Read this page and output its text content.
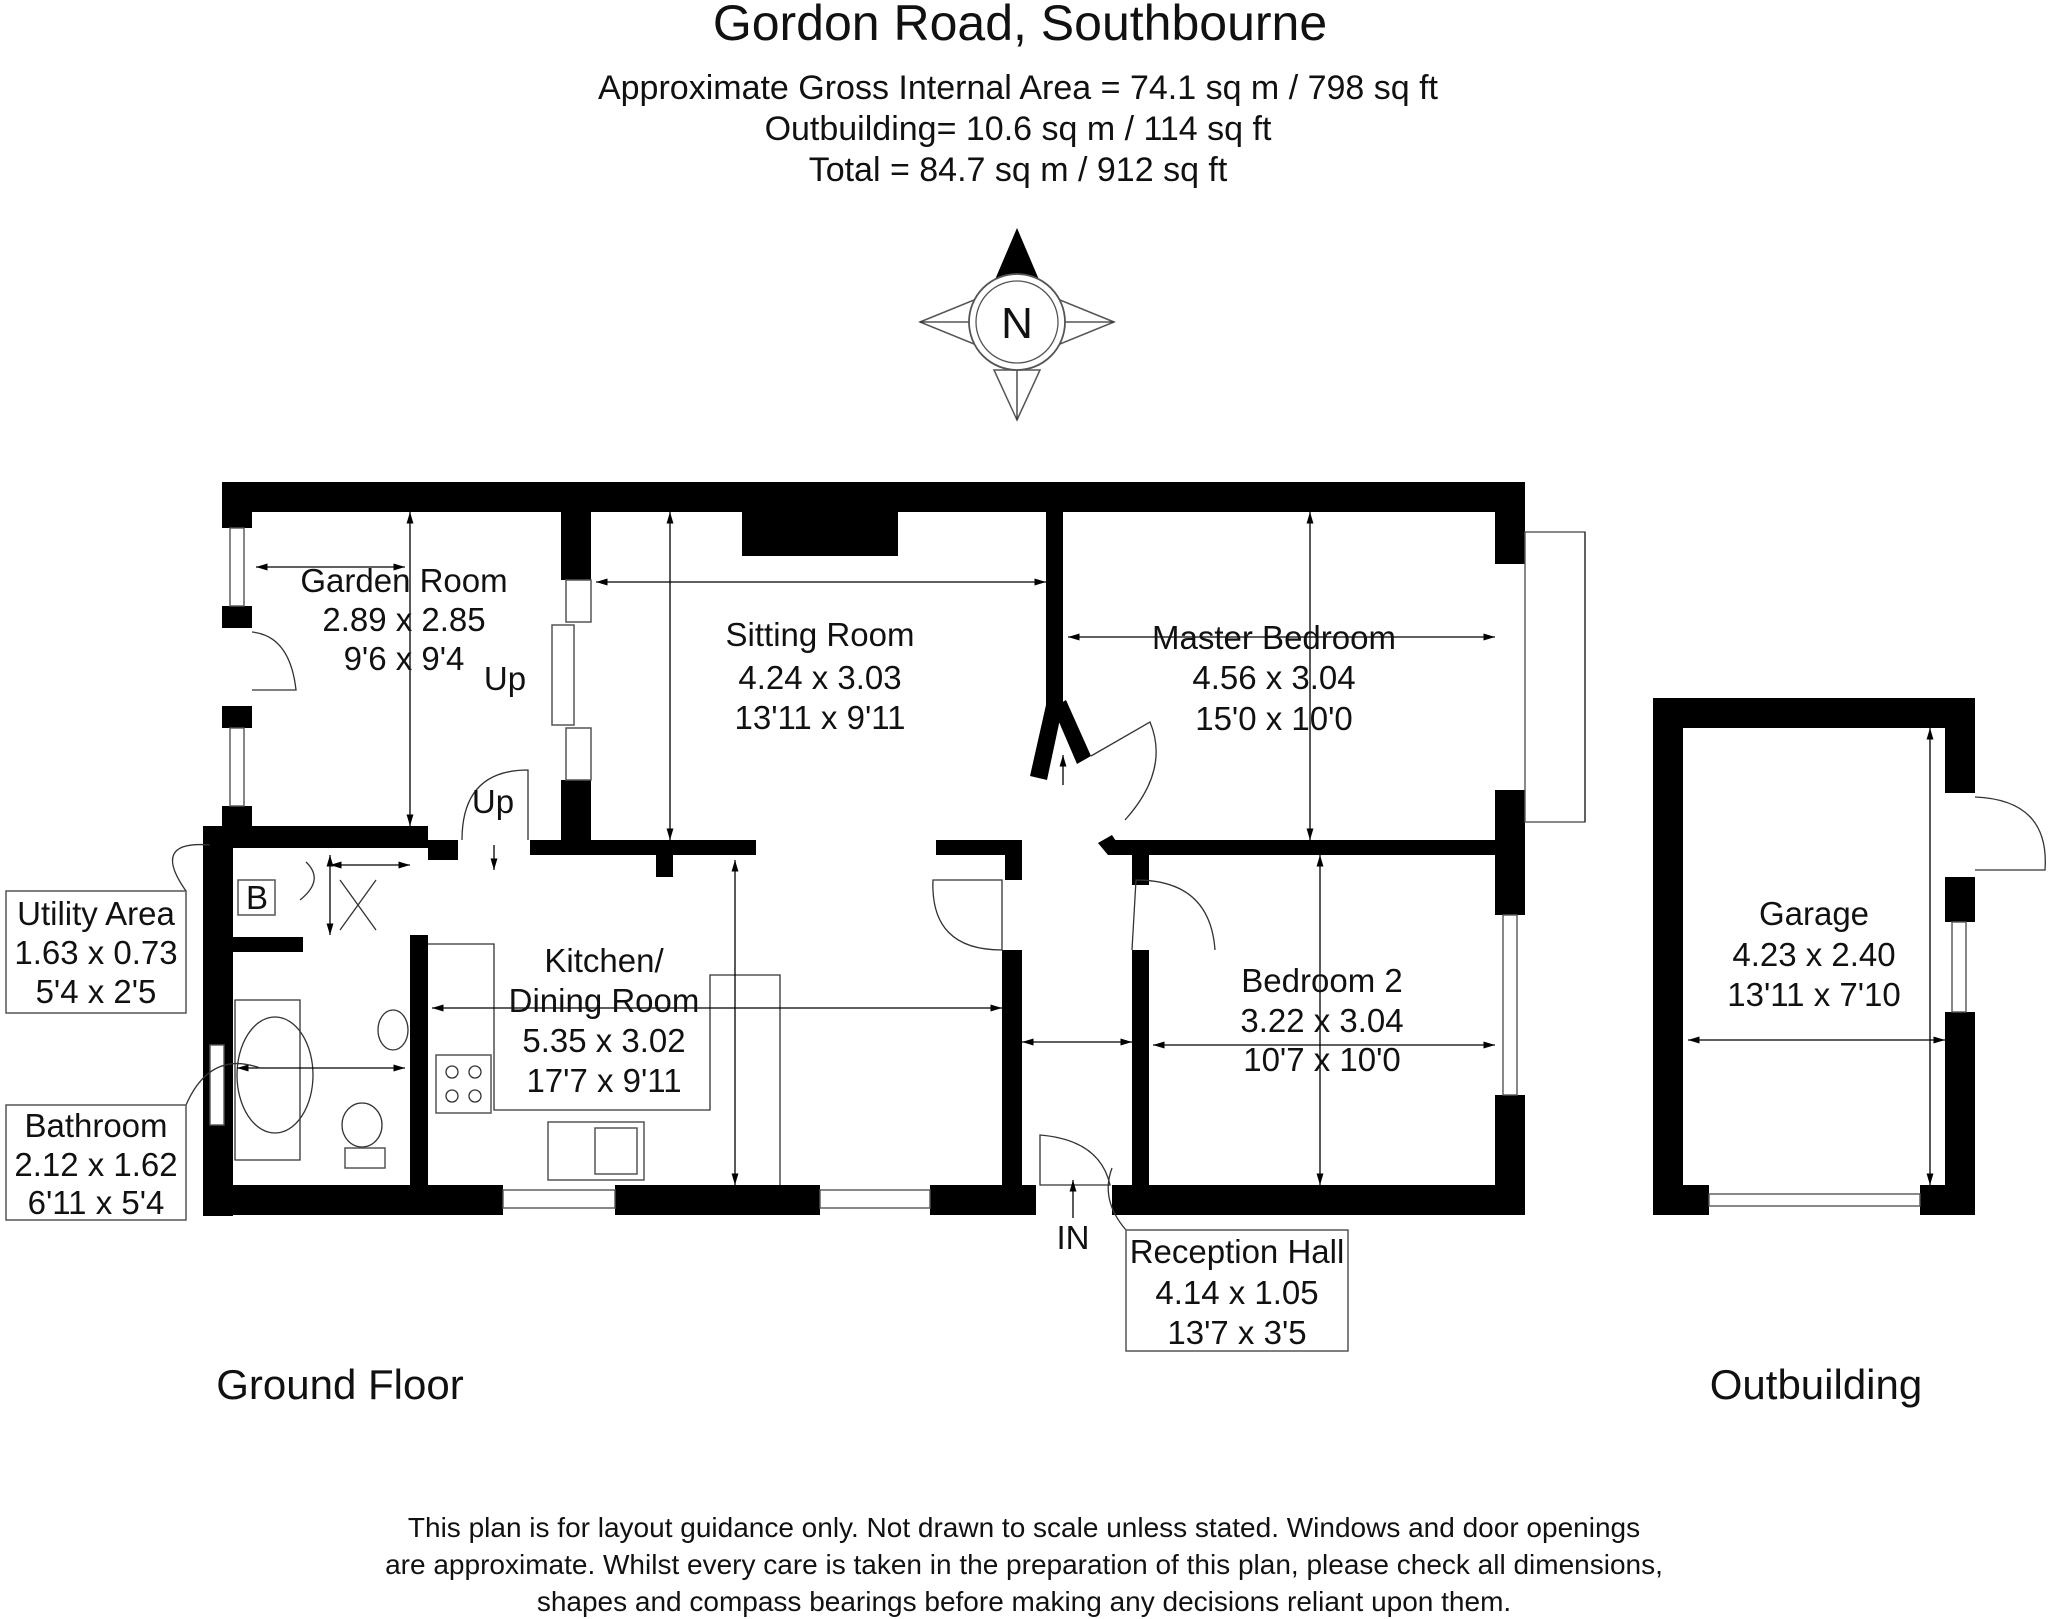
Gordon Road, Southbourne
Approximate Gross Internal Area = 74.1 sq m / 798 sq ft
Outbuilding= 10.6 sq m / 114 sq ft
Total = 84.7 sq m / 912 sq ft
N
Garden Room
2.89 x 2.85
9'6 x 9'4
Sitting Room
4.24 x 3.03
13'11 x 9'11
Master Bedroom
4.56 x 3.04
15'0 x 10'0
Kitchen/
Dining Room
5.35 x 3.02
17'7 x 9'11
Bedroom 2
3.22 x 3.04
10'7 x 10'0
Garage
4.23 x 2.40
13'11 x 7'10
Utility Area
1.63 x 0.73
5'4 x 2'5
Bathroom
2.12 x 1.62
6'11 x 5'4
Reception Hall
4.14 x 1.05
13'7 x 3'5
Up
Up
B
IN
Ground Floor	Outbuilding
This plan is for layout guidance only. Not drawn to scale unless stated. Windows and door openings
are approximate. Whilst every care is taken in the preparation of this plan, please check all dimensions,
shapes and compass bearings before making any decisions reliant upon them.
